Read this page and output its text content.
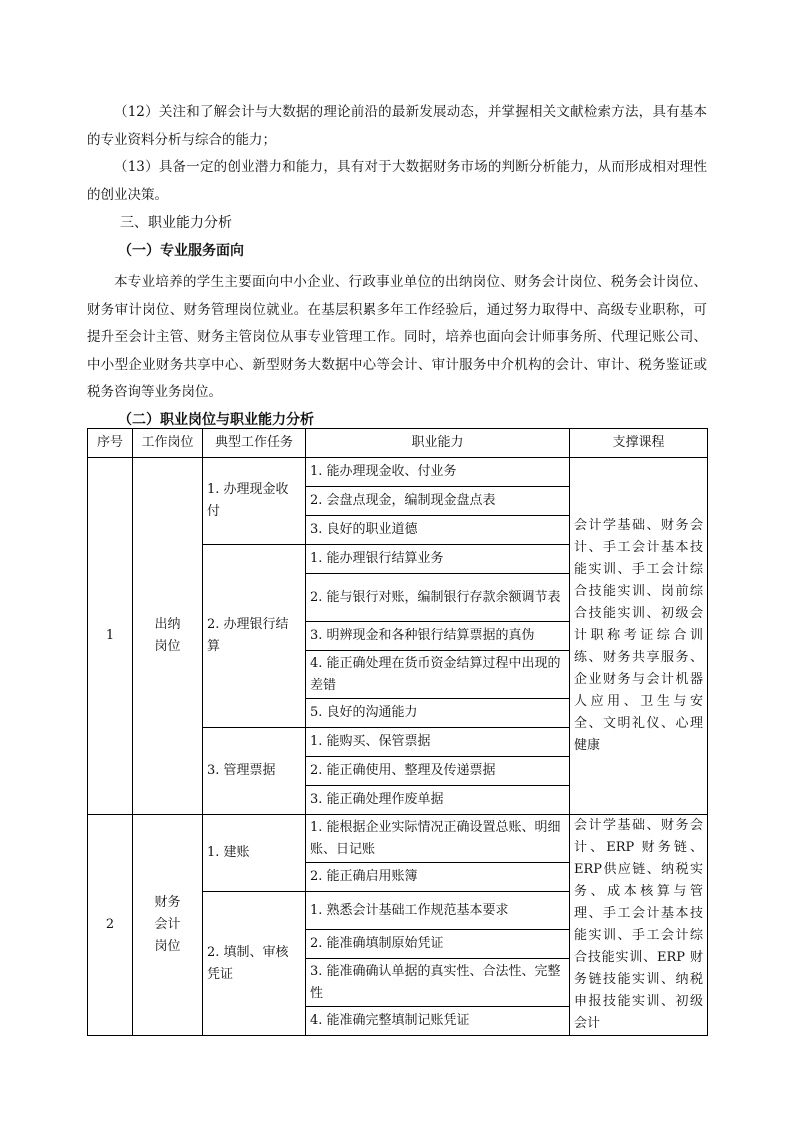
（12）关注和了解会计与大数据的理论前沿的最新发展动态，并掌握相关文献检索方法，具有基本的专业资料分析与综合的能力；

（13）具备一定的创业潜力和能力，具有对于大数据财务市场的判断分析能力，从而形成相对理性的创业决策。

三、职业能力分析

（一）专业服务面向

本专业培养的学生主要面向中小企业、行政事业单位的出纳岗位、财务会计岗位、税务会计岗位、财务审计岗位、财务管理岗位就业。在基层积累多年工作经验后，通过努力取得中、高级专业职称，可提升至会计主管、财务主管岗位从事专业管理工作。同时，培养也面向会计师事务所、代理记账公司、中小型企业财务共享中心、新型财务大数据中心等会计、审计服务中介机构的会计、审计、税务鉴证或税务咨询等业务岗位。

（二）职业岗位与职业能力分析

序号	工作岗位	典型工作任务	职业能力	支撑课程
1	出纳岗位	1. 办理现金收付	1. 能办理现金收、付业务	会计学基础、财务会计、手工会计基本技能实训、手工会计综合技能实训、岗前综合技能实训、初级会计职称考证综合训练、财务共享服务、企业财务与会计机器人应用、卫生与安全、文明礼仪、心理健康
			2. 会盘点现金，编制现金盘点表	
			3. 良好的职业道德	
		2. 办理银行结算	1. 能办理银行结算业务	
			2. 能与银行对账，编制银行存款余额调节表	
			3. 明辨现金和各种银行结算票据的真伪	
			4. 能正确处理在货币资金结算过程中出现的差错	
			5. 良好的沟通能力	
		3. 管理票据	1. 能购买、保管票据	
			2. 能正确使用、整理及传递票据	
			3. 能正确处理作废单据	
2	财务会计岗位	1. 建账	1. 能根据企业实际情况正确设置总账、明细账、日记账	会计学基础、财务会计、ERP 财务链、ERP供应链、纳税实务、成本核算与管理、手工会计基本技能实训、手工会计综合技能实训、ERP 财务链技能实训、纳税申报技能实训、初级会计
			2. 能正确启用账簿	
		2. 填制、审核凭证	1. 熟悉会计基础工作规范基本要求	
			2. 能准确填制原始凭证	
			3. 能准确确认单据的真实性、合法性、完整性	
			4. 能准确完整填制记账凭证	
